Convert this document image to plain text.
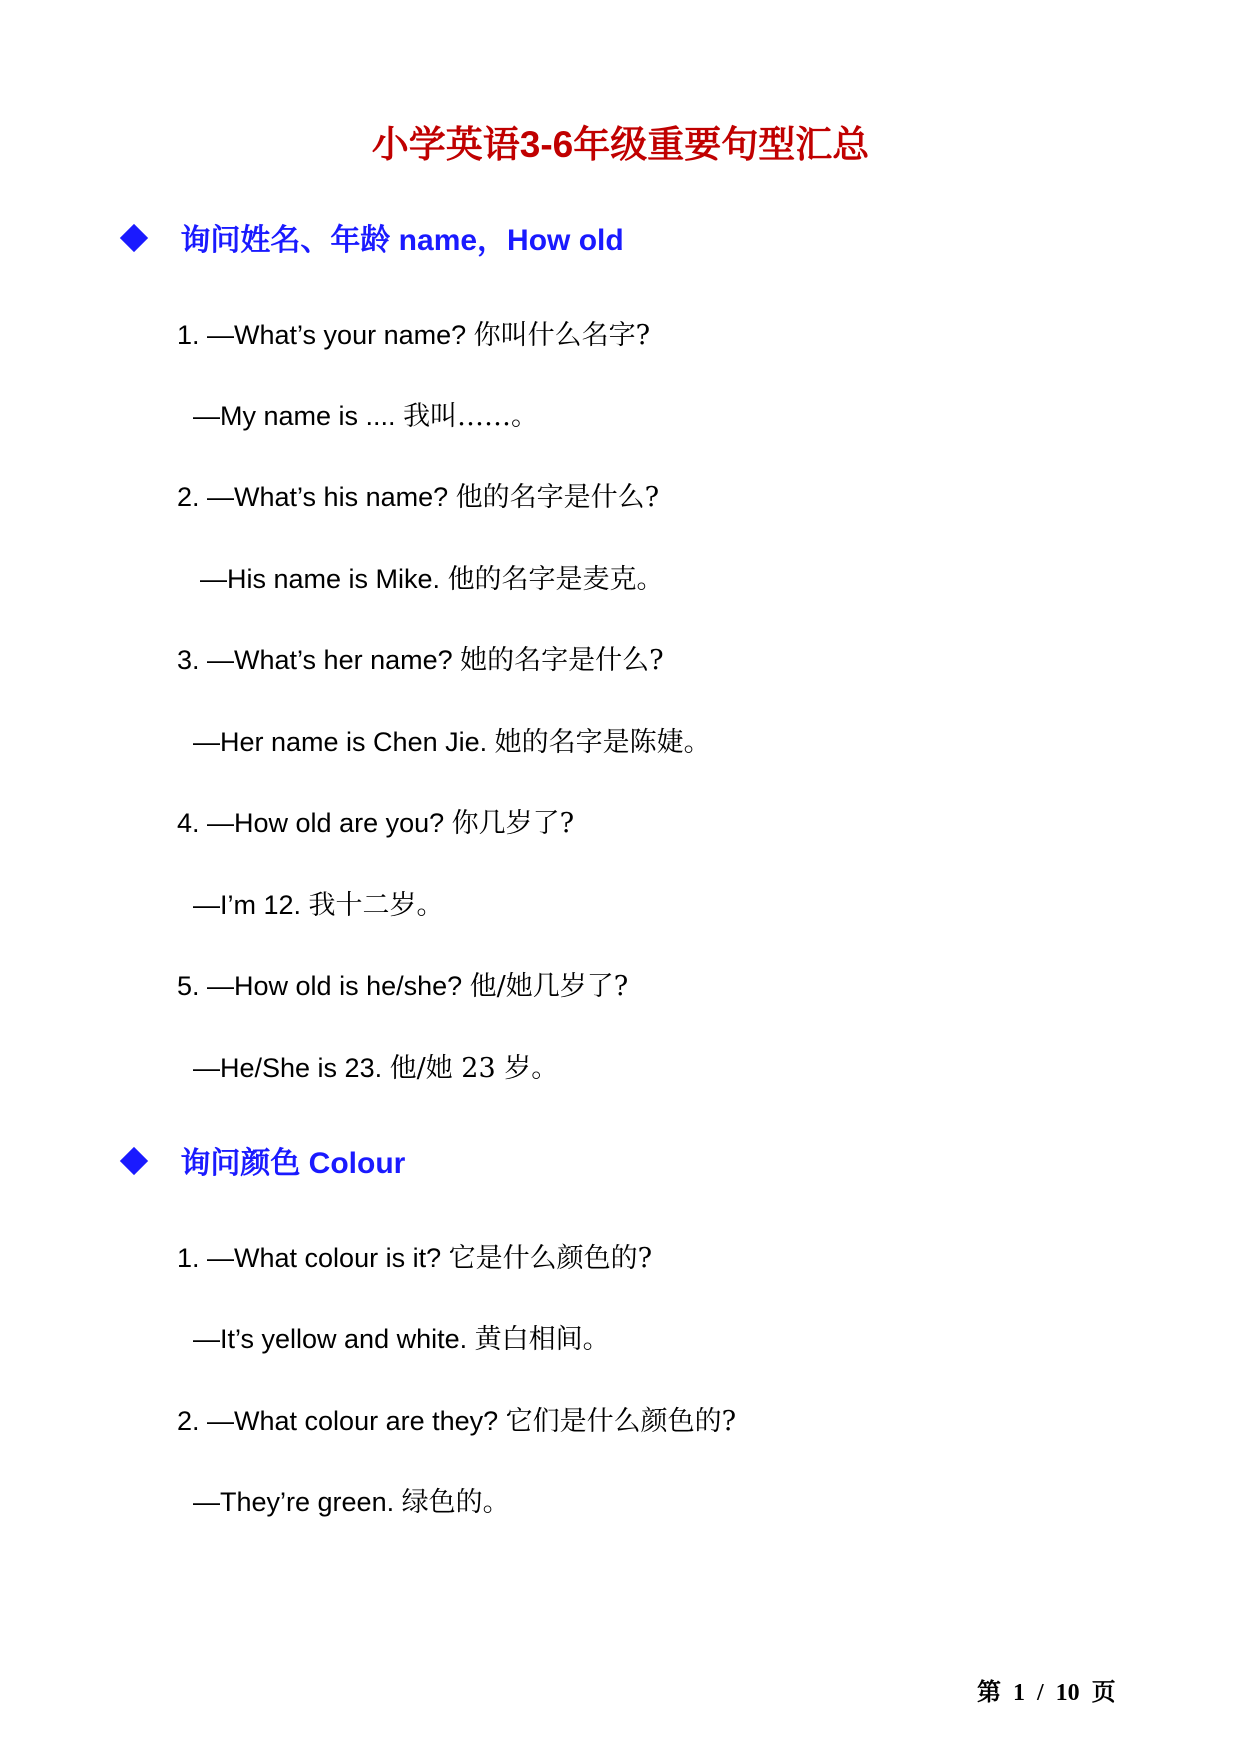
小学英语3-6年级重要句型汇总
询问姓名、年龄 name，How old
1. —What’s your name? 你叫什么名字?
—My name is .... 我叫……。
2. —What’s his name? 他的名字是什么?
—His name is Mike. 他的名字是麦克。
3. —What’s her name? 她的名字是什么?
—Her name is Chen Jie. 她的名字是陈婕。
4. —How old are you? 你几岁了?
—I’m 12. 我十二岁。
5. —How old is he/she? 他/她几岁了?
—He/She is 23. 他/她 23 岁。
询问颜色 Colour
1. —What colour is it? 它是什么颜色的?
—It’s yellow and white. 黄白相间。
2. —What colour are they? 它们是什么颜色的?
—They’re green. 绿色的。
第  1  /  10  页
